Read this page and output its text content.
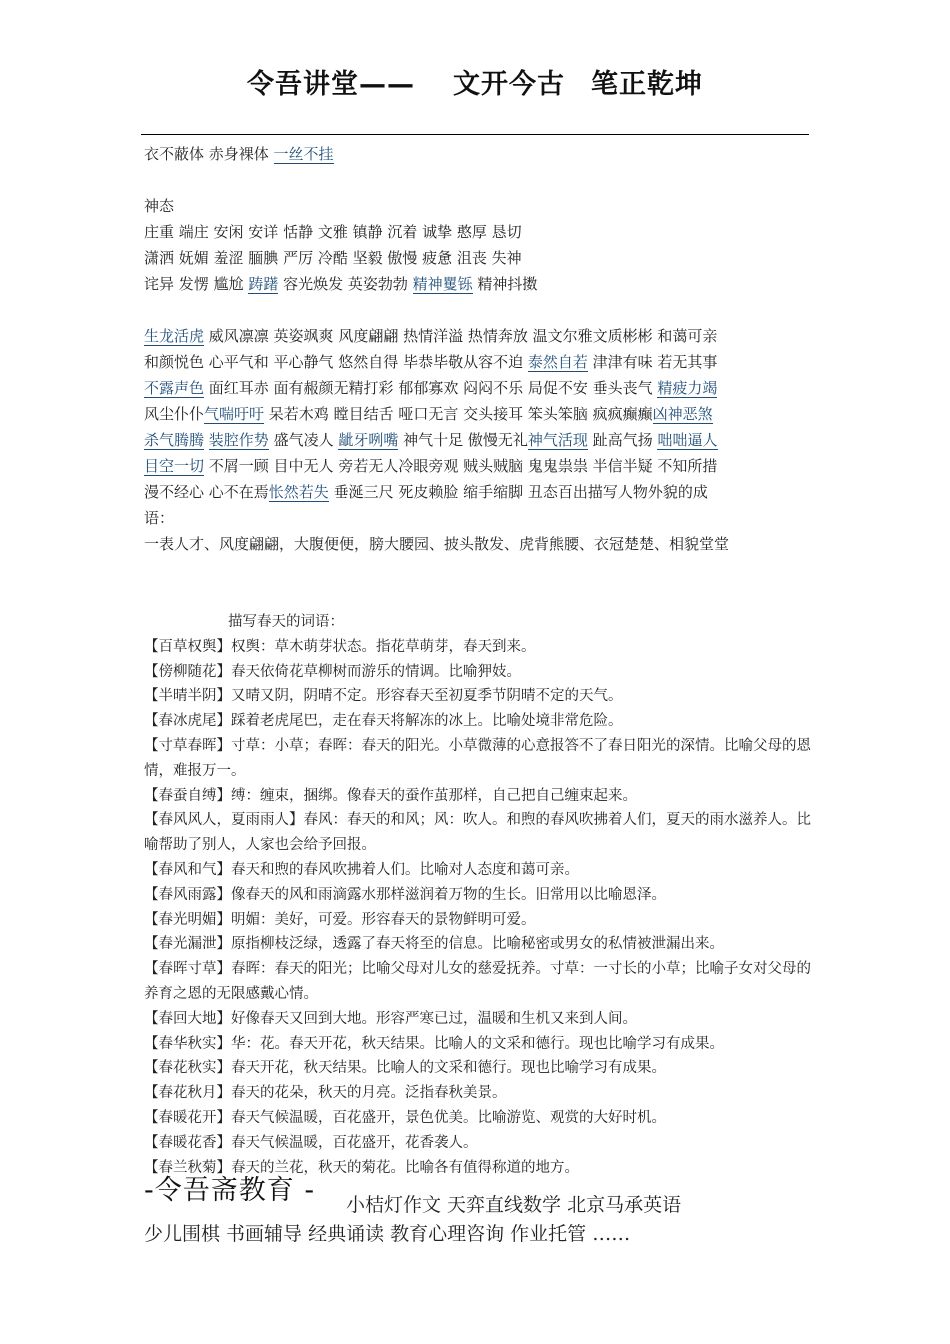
令吾讲堂—— 文开今古 笔正乾坤
衣不蔽体 赤身裸体 一丝不挂
神态
庄重 端庄 安闲 安详 恬静 文雅 镇静 沉着 诚挚 憨厚 恳切
潇洒 妩媚 羞涩 腼腆 严厉 冷酷 坚毅 傲慢 疲惫 沮丧 失神
诧异 发愣 尴尬 踌躇 容光焕发 英姿勃勃 精神矍铄 精神抖擞
生龙活虎 威风凛凛 英姿飒爽 风度翩翩 热情洋溢 热情奔放 温文尔雅文质彬彬 和蔼可亲
和颜悦色 心平气和 平心静气 悠然自得 毕恭毕敬从容不迫 泰然自若 津津有味 若无其事
不露声色 面红耳赤 面有赧颜无精打彩 郁郁寡欢 闷闷不乐 局促不安 垂头丧气 精疲力竭
风尘仆仆气喘吁吁 呆若木鸡 瞠目结舌 哑口无言 交头接耳 笨头笨脑 疯疯癫癫凶神恶煞
杀气腾腾 装腔作势 盛气凌人 龇牙咧嘴 神气十足 傲慢无礼神气活现 趾高气扬 咄咄逼人
目空一切 不屑一顾 目中无人 旁若无人冷眼旁观 贼头贼脑 鬼鬼祟祟 半信半疑 不知所措
漫不经心 心不在焉怅然若失 垂涎三尺 死皮赖脸 缩手缩脚 丑态百出描写人物外貌的成
语：
一表人才、风度翩翩，大腹便便，膀大腰园、披头散发、虎背熊腰、衣冠楚楚、相貌堂堂
描写春天的词语：
【百草权舆】权舆：草木萌芽状态。指花草萌芽，春天到来。
【傍柳随花】春天依倚花草柳树而游乐的情调。比喻狎妓。
【半晴半阴】又晴又阴，阴晴不定。形容春天至初夏季节阴晴不定的天气。
【春冰虎尾】踩着老虎尾巴，走在春天将解冻的冰上。比喻处境非常危险。
【寸草春晖】寸草：小草；春晖：春天的阳光。小草微薄的心意报答不了春日阳光的深情。比喻父母的恩情，难报万一。
【春蚕自缚】缚：缠束，捆绑。像春天的蚕作茧那样，自己把自己缠束起来。
【春风风人，夏雨雨人】春风：春天的和风；风：吹人。和煦的春风吹拂着人们，夏天的雨水滋养人。比喻帮助了别人，人家也会给予回报。
【春风和气】春天和煦的春风吹拂着人们。比喻对人态度和蔼可亲。
【春风雨露】像春天的风和雨滴露水那样滋润着万物的生长。旧常用以比喻恩泽。
【春光明媚】明媚：美好，可爱。形容春天的景物鲜明可爱。
【春光漏泄】原指柳枝泛绿，透露了春天将至的信息。比喻秘密或男女的私情被泄漏出来。
【春晖寸草】春晖：春天的阳光；比喻父母对儿女的慈爱抚养。寸草：一寸长的小草；比喻子女对父母的养育之恩的无限感戴心情。
【春回大地】好像春天又回到大地。形容严寒已过，温暖和生机又来到人间。
【春华秋实】华：花。春天开花，秋天结果。比喻人的文采和德行。现也比喻学习有成果。
【春花秋实】春天开花，秋天结果。比喻人的文采和德行。现也比喻学习有成果。
【春花秋月】春天的花朵，秋天的月亮。泛指春秋美景。
【春暖花开】春天气候温暖，百花盛开，景色优美。比喻游览、观赏的大好时机。
【春暖花香】春天气候温暖，百花盛开，花香袭人。
【春兰秋菊】春天的兰花，秋天的菊花。比喻各有值得称道的地方。
-令吾斋教育 - 小桔灯作文 天弈直线数学 北京马承英语
少儿围棋 书画辅导 经典诵读 教育心理咨询 作业托管 ……
